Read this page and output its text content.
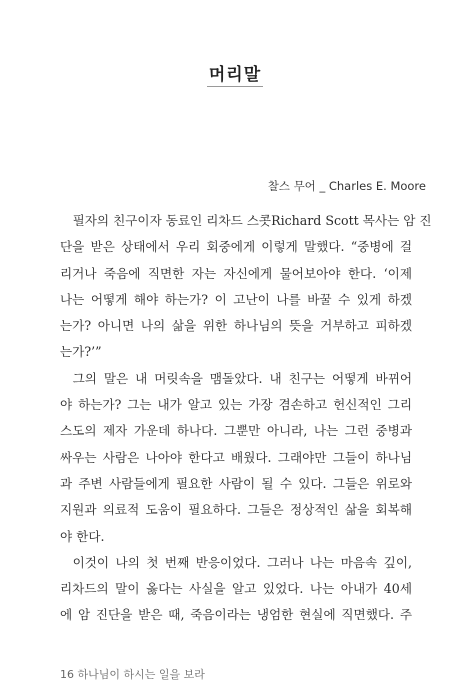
머리말
찰스 무어 _ Charles E. Moore
필자의 친구이자 동료인 리차드 스콧Richard Scott 목사는 암 진
단을 받은 상태에서 우리 회중에게 이렇게 말했다. “중병에 걸
리거나 죽음에 직면한 자는 자신에게 물어보아야 한다. ‘이제
나는 어떻게 해야 하는가? 이 고난이 나를 바꿀 수 있게 하겠
는가? 아니면 나의 삶을 위한 하나님의 뜻을 거부하고 피하겠
는가?’”
그의 말은 내 머릿속을 맴돌았다. 내 친구는 어떻게 바뀌어
야 하는가? 그는 내가 알고 있는 가장 겸손하고 헌신적인 그리
스도의 제자 가운데 하나다. 그뿐만 아니라, 나는 그런 중병과
싸우는 사람은 나아야 한다고 배웠다. 그래야만 그들이 하나님
과 주변 사람들에게 필요한 사람이 될 수 있다. 그들은 위로와
지원과 의료적 도움이 필요하다. 그들은 정상적인 삶을 회복해
야 한다.
이것이 나의 첫 번째 반응이었다. 그러나 나는 마음속 깊이,
리차드의 말이 옳다는 사실을 알고 있었다. 나는 아내가 40세
에 암 진단을 받은 때, 죽음이라는 냉엄한 현실에 직면했다. 주
16 하나님이 하시는 일을 보라
